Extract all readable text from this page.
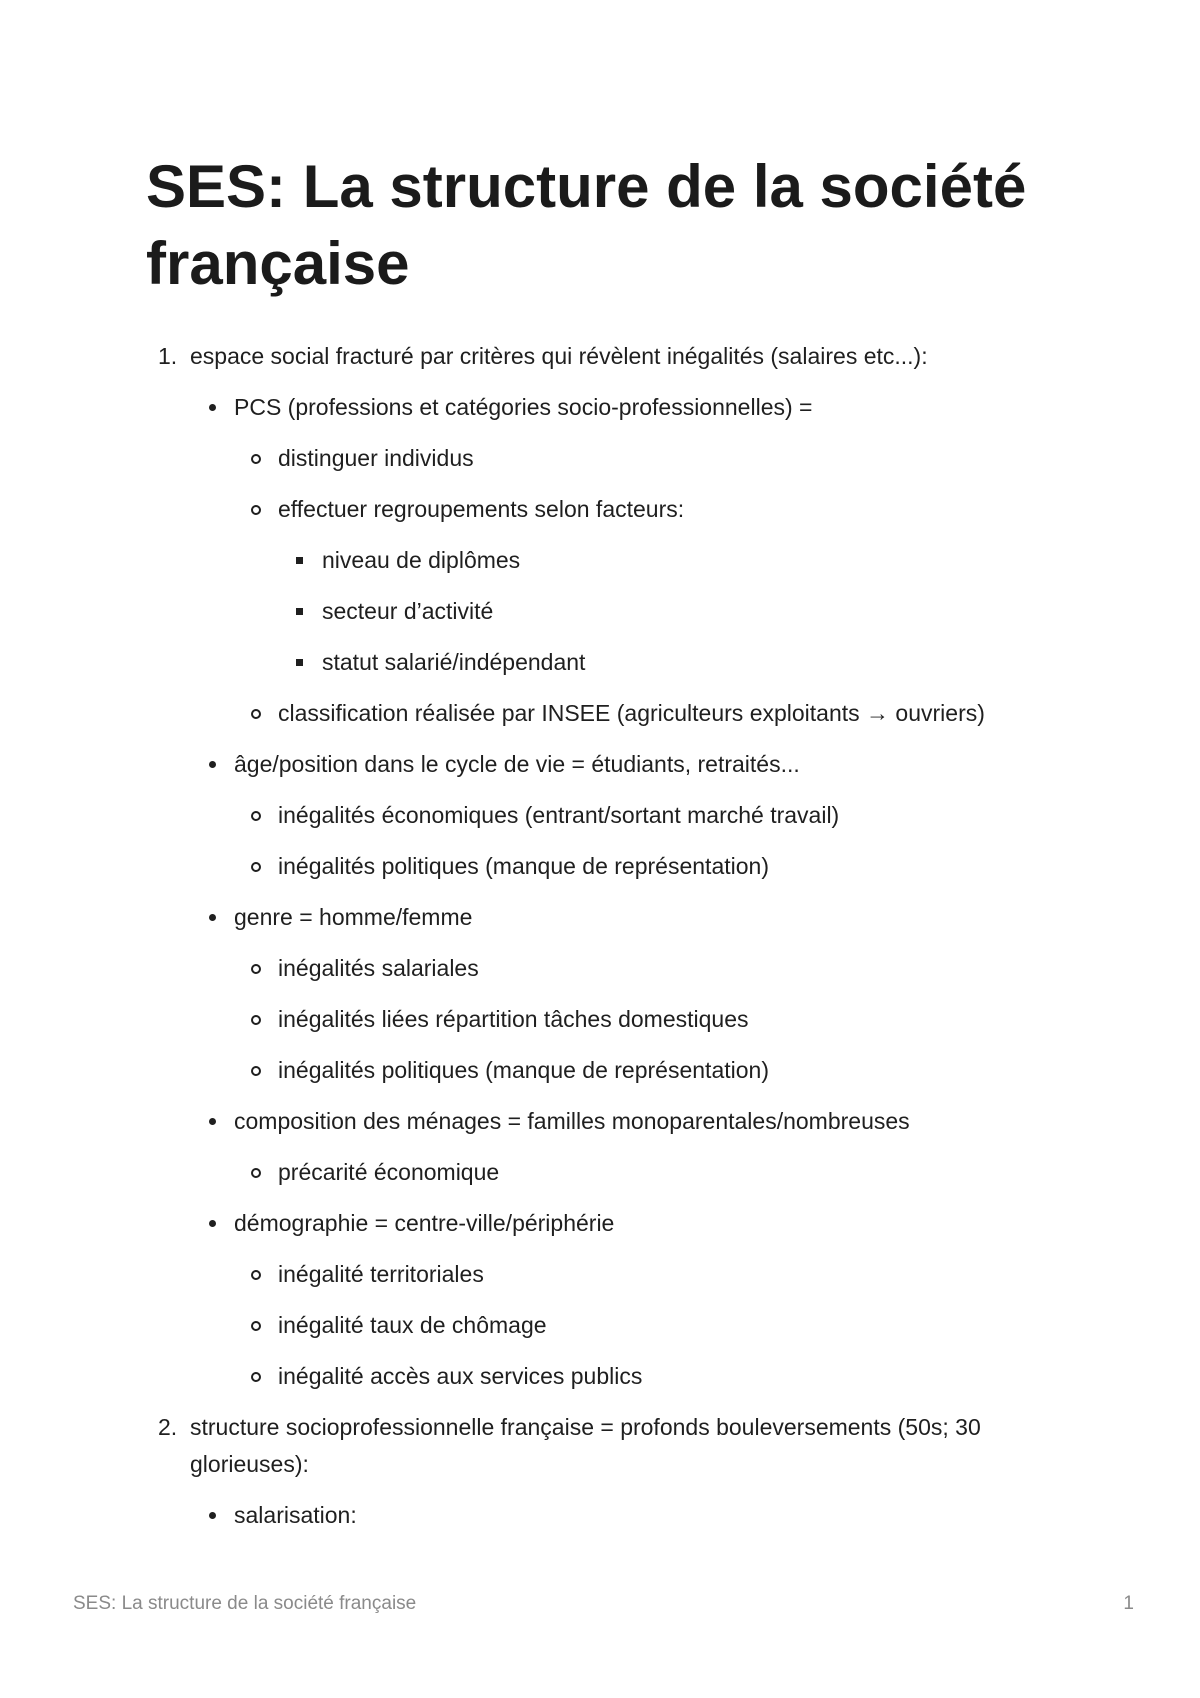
SES: La structure de la société française
1. espace social fracturé par critères qui révèlent inégalités (salaires etc...):
PCS (professions et catégories socio-professionnelles) =
distinguer individus
effectuer regroupements selon facteurs:
niveau de diplômes
secteur d’activité
statut salarié/indépendant
classification réalisée par INSEE (agriculteurs exploitants → ouvriers)
âge/position dans le cycle de vie = étudiants, retraités...
inégalités économiques (entrant/sortant marché travail)
inégalités politiques (manque de représentation)
genre = homme/femme
inégalités salariales
inégalités liées répartition tâches domestiques
inégalités politiques (manque de représentation)
composition des ménages = familles monoparentales/nombreuses
précarité économique
démographie = centre-ville/périphérie
inégalité territoriales
inégalité taux de chômage
inégalité accès aux services publics
2. structure socioprofessionnelle française = profonds bouleversements (50s; 30 glorieuses):
salarisation:
SES: La structure de la société française	1
